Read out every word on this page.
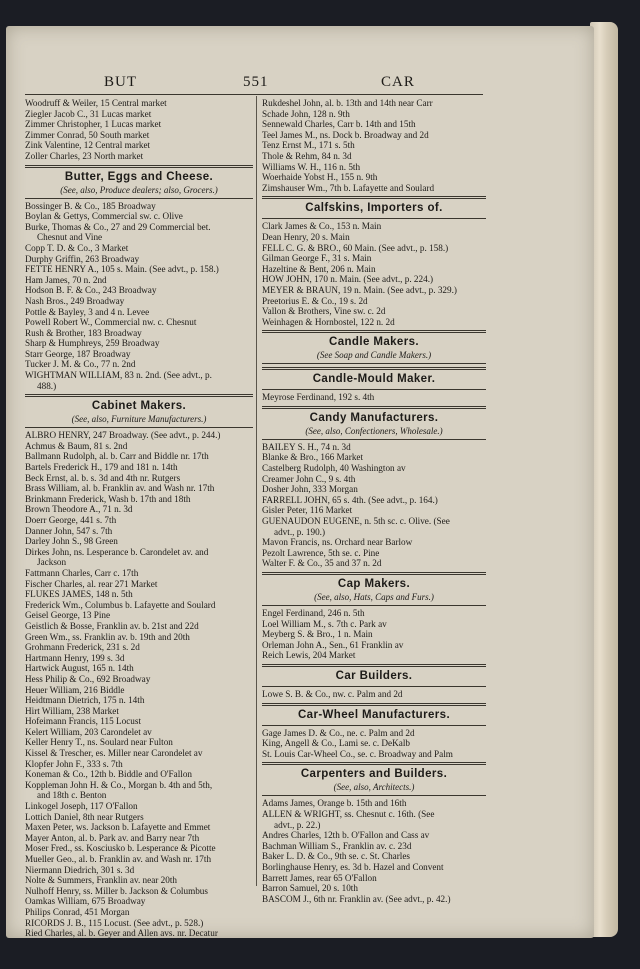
BUT	551	CAR
Woodruff & Weiler, 15 Central market
Ziegler Jacob C., 31 Lucas market
Zimmer Christopher, 1 Lucas market
Zimmer Conrad, 50 South market
Zink Valentine, 12 Central market
Zoller Charles, 23 North market
Butter, Eggs and Cheese.
(See, also, Produce dealers; also, Grocers.)
Bossinger B. & Co., 185 Broadway
Boylan & Gettys, Commercial sw. c. Olive
Burke, Thomas & Co., 27 and 29 Commercial bet.
Chesnut and Vine
Copp T. D. & Co., 3 Market
Durphy Griffin, 263 Broadway
FETTE HENRY A., 105 s. Main. (See advt., p. 158.)
Ham James, 70 n. 2nd
Hodson B. F. & Co., 243 Broadway
Nash Bros., 249 Broadway
Pottle & Bayley, 3 and 4 n. Levee
Powell Robert W., Commercial nw. c. Chesnut
Rush & Brother, 183 Broadway
Sharp & Humphreys, 259 Broadway
Starr George, 187 Broadway
Tucker J. M. & Co., 77 n. 2nd
WIGHTMAN WILLIAM, 83 n. 2nd. (See advt., p.
488.)
Cabinet Makers.
(See, also, Furniture Manufacturers.)
ALBRO HENRY, 247 Broadway. (See advt., p. 244.)
Achmus & Baum, 81 s. 2nd
Ballmann Rudolph, al. b. Carr and Biddle nr. 17th
Bartels Frederick H., 179 and 181 n. 14th
Beck Ernst, al. b. s. 3d and 4th nr. Rutgers
Brass William, al. b. Franklin av. and Wash nr. 17th
Brinkmann Frederick, Wash b. 17th and 18th
Brown Theodore A., 71 n. 3d
Doerr George, 441 s. 7th
Danner John, 547 s. 7th
Darley John S., 98 Green
Dirkes John, ns. Lesperance b. Carondelet av. and
Jackson
Fattmann Charles, Carr c. 17th
Fischer Charles, al. rear 271 Market
FLUKES JAMES, 148 n. 5th
Frederick Wm., Columbus b. Lafayette and Soulard
Geisel George, 13 Pine
Geistlich & Bosse, Franklin av. b. 21st and 22d
Green Wm., ss. Franklin av. b. 19th and 20th
Grohmann Frederick, 231 s. 2d
Hartmann Henry, 199 s. 3d
Hartwick August, 165 n. 14th
Hess Philip & Co., 692 Broadway
Heuer William, 216 Biddle
Heidtmann Dietrich, 175 n. 14th
Hirt William, 238 Market
Hofeimann Francis, 115 Locust
Kelert William, 203 Carondelet av
Keller Henry T., ns. Soulard near Fulton
Kissel & Trescher, es. Miller near Carondelet av
Klopfer John F., 333 s. 7th
Koneman & Co., 12th b. Biddle and O'Fallon
Koppleman John H. & Co., Morgan b. 4th and 5th,
and 18th c. Benton
Linkogel Joseph, 117 O'Fallon
Lottich Daniel, 8th near Rutgers
Maxen Peter, ws. Jackson b. Lafayette and Emmet
Mayer Anton, al. b. Park av. and Barry near 7th
Moser Fred., ss. Kosciusko b. Lesperance & Picotte
Mueller Geo., al. b. Franklin av. and Wash nr. 17th
Niermann Diedrich, 301 s. 3d
Nolte & Summers, Franklin av. near 20th
Nulhoff Henry, ss. Miller b. Jackson & Columbus
Oamkas William, 675 Broadway
Philips Conrad, 451 Morgan
RICORDS J. B., 115 Locust. (See advt., p. 528.)
Ried Charles, al. b. Geyer and Allen avs. nr. Decatur
Rukdeshel John, al. b. 13th and 14th near Carr
Schade John, 128 n. 9th
Sennewald Charles, Carr b. 14th and 15th
Teel James M., ns. Dock b. Broadway and 2d
Tenz Ernst M., 171 s. 5th
Thole & Rehm, 84 n. 3d
Williams W. H., 116 n. 5th
Woerhaide Yobst H., 155 n. 9th
Zimshauser Wm., 7th b. Lafayette and Soulard
Calfskins, Importers of.
Clark James & Co., 153 n. Main
Dean Henry, 20 s. Main
FELL C. G. & BRO., 60 Main. (See advt., p. 158.)
Gilman George F., 31 s. Main
Hazeltine & Bent, 206 n. Main
HOW JOHN, 170 n. Main. (See advt., p. 224.)
MEYER & BRAUN, 19 n. Main. (See advt., p. 329.)
Preetorius E. & Co., 19 s. 2d
Vallon & Brothers, Vine sw. c. 2d
Weinhagen & Hornbostel, 122 n. 2d
Candle Makers.
(See Soap and Candle Makers.)
Candle-Mould Maker.
Meyrose Ferdinand, 192 s. 4th
Candy Manufacturers.
(See, also, Confectioners, Wholesale.)
BAILEY S. H., 74 n. 3d
Blanke & Bro., 166 Market
Castelberg Rudolph, 40 Washington av
Creamer John C., 9 s. 4th
Dosher John, 333 Morgan
FARRELL JOHN, 65 s. 4th. (See advt., p. 164.)
Gisler Peter, 116 Market
GUENAUDON EUGENE, n. 5th sc. c. Olive. (See
advt., p. 190.)
Mavon Francis, ns. Orchard near Barlow
Pezolt Lawrence, 5th se. c. Pine
Walter F. & Co., 35 and 37 n. 2d
Cap Makers.
(See, also, Hats, Caps and Furs.)
Engel Ferdinand, 246 n. 5th
Loel William M., s. 7th c. Park av
Meyberg S. & Bro., 1 n. Main
Orleman John A., Sen., 61 Franklin av
Reich Lewis, 204 Market
Car Builders.
Lowe S. B. & Co., nw. c. Palm and 2d
Car-Wheel Manufacturers.
Gage James D. & Co., ne. c. Palm and 2d
King, Angell & Co., Lami se. c. DeKalb
St. Louis Car-Wheel Co., se. c. Broadway and Palm
Carpenters and Builders.
(See, also, Architects.)
Adams James, Orange b. 15th and 16th
ALLEN & WRIGHT, ss. Chesnut c. 16th. (See
advt., p. 22.)
Andres Charles, 12th b. O'Fallon and Cass av
Bachman William S., Franklin av. c. 23d
Baker L. D. & Co., 9th se. c. St. Charles
Borlinghause Henry, es. 3d b. Hazel and Convent
Barrett James, rear 65 O'Fallon
Barron Samuel, 20 s. 10th
BASCOM J., 6th nr. Franklin av. (See advt., p. 42.)
